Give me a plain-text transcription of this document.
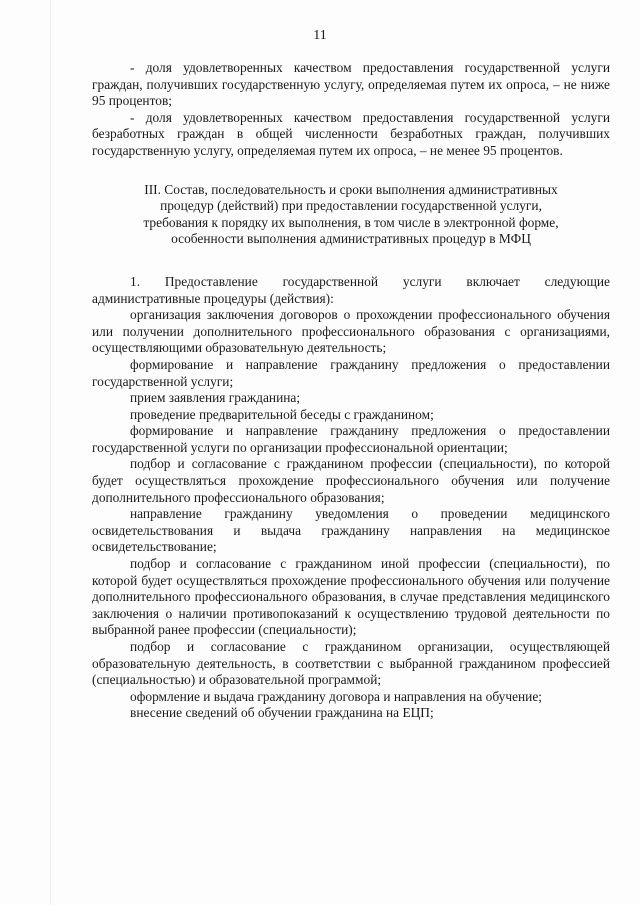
11

- доля удовлетворенных качеством предоставления государственной услуги граждан, получивших государственную услугу, определяемая путем их опроса, – не ниже 95 процентов;

- доля удовлетворенных качеством предоставления государственной услуги безработных граждан в общей численности безработных граждан, получивших государственную услугу, определяемая путем их опроса, – не менее 95 процентов.

III. Состав, последовательность и сроки выполнения административных
процедур (действий) при предоставлении государственной услуги,
требования к порядку их выполнения, в том числе в электронной форме,
особенности выполнения административных процедур в МФЦ

1. Предоставление государственной услуги включает следующие административные процедуры (действия):

организация заключения договоров о прохождении профессионального обучения или получении дополнительного профессионального образования с организациями, осуществляющими образовательную деятельность;

формирование и направление гражданину предложения о предоставлении государственной услуги;

прием заявления гражданина;

проведение предварительной беседы с гражданином;

формирование и направление гражданину предложения о предоставлении государственной услуги по организации профессиональной ориентации;

подбор и согласование с гражданином профессии (специальности), по которой будет осуществляться прохождение профессионального обучения или получение дополнительного профессионального образования;

направление гражданину уведомления о проведении медицинского освидетельствования и выдача гражданину направления на медицинское освидетельствование;

подбор и согласование с гражданином иной профессии (специальности), по которой будет осуществляться прохождение профессионального обучения или получение дополнительного профессионального образования, в случае представления медицинского заключения о наличии противопоказаний к осуществлению трудовой деятельности по выбранной ранее профессии (специальности);

подбор и согласование с гражданином организации, осуществляющей образовательную деятельность, в соответствии с выбранной гражданином профессией (специальностью) и образовательной программой;

оформление и выдача гражданину договора и направления на обучение;

внесение сведений об обучении гражданина на ЕЦП;
